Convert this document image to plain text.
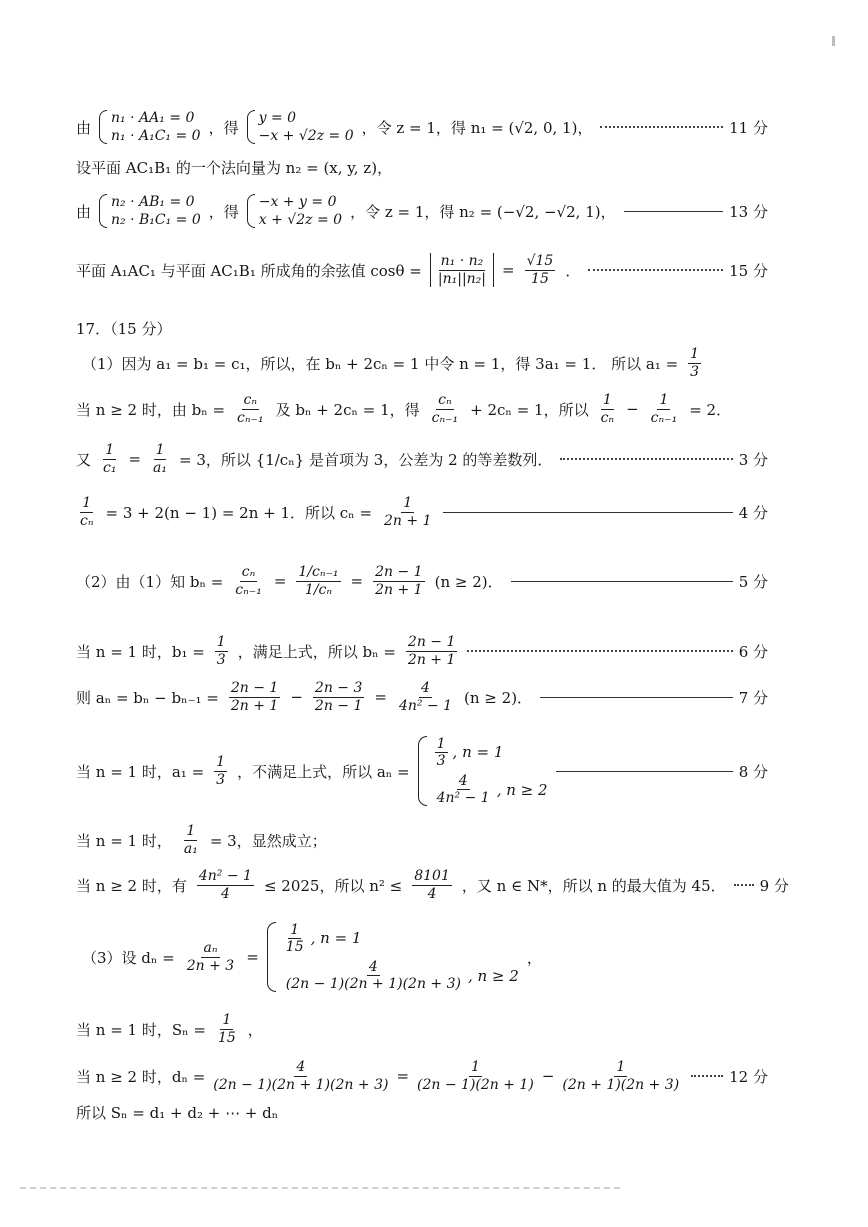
由
n₁ · AA₁ = 0
n₁ · A₁C₁ = 0 ，得
y = 0
−x + √2z = 0 ，令 z = 1，得 n₁ = (√2, 0, 1)，	11 分
设平面 AC₁B₁ 的一个法向量为 n₂ = (x, y, z)，
由
n₂ · AB₁ = 0
n₂ · B₁C₁ = 0 ，得
−x + y = 0
x + √2z = 0 ，令 z = 1，得 n₂ = (−√2, −√2, 1)，	13 分
平面 A₁AC₁ 与平面 AC₁B₁ 所成角的余弦值 $\cos\theta = \frac{\text{n₁ · n₂}}{\text{|n₁||n₂|}} = \frac{√15}{15}$ ．	15 分
17．（15 分）
（1）因为 a₁ = b₁ = c₁，所以，在 bₙ + 2cₙ = 1 中令 n = 1，得 3a₁ = 1． 所以 $a_1 = \frac{1}{3}$
当 n ≥ 2 时，由 $b_n = \frac{\text{cₙ}}{\text{cₙ₋₁}}$ 及 bₙ + 2cₙ = 1，得 $\frac{\text{cₙ}}{\text{cₙ₋₁}} + 2c_n = 1$，所以 $\frac{1}{\text{cₙ}} - \frac{1}{\text{cₙ₋₁}} = 2$．
又 $\frac{1}{\text{c₁}} = \frac{1}{\text{a₁}} = 3$，所以 {1/cₙ} 是首项为 3，公差为 2 的等差数列．	3 分
$\frac{1}{\text{cₙ}} = 3 + 2(n - 1) = 2n + 1$．所以 $c_n = \frac{1}{2n + 1}$	4 分
（2）由（1）知 $b_n = \frac{\text{cₙ}}{\text{cₙ₋₁}} = \frac{\text{1/cₙ₋₁}}{\text{1/cₙ}} = \frac{2n - 1}{2n + 1} (n \ge 2)$．	5 分
当 n = 1 时，$b_1 = \frac{1}{3}$ ，满足上式，所以 $b_n = \frac{2n - 1}{2n + 1}$	6 分
则 $a_n = b_n - b_{n-1} = \frac{2n - 1}{2n + 1} - \frac{2n - 3}{2n - 1} = \frac{4}{\text{4n² − 1}} (n \ge 2)$．	7 分
当 n = 1 时，$a_1 = \frac{1}{3}$ ，不满足上式，所以 aₙ =
$\frac{1}{3}$ , n = 1
$\frac{4}{\text{4n² − 1}}$ , n ≥ 2
8 分
当 n = 1 时， $\frac{1}{\text{a₁}} = 3$，显然成立；
当 n ≥ 2 时，有 $\frac{\text{4n² − 1}}{4} \le 2025$，所以 $n^2 \le \frac{8101}{4}$ ，又 n ∈ N*，所以 n 的最大值为 45． 9 分
（3）设 $d_n = \frac{\text{aₙ}}{2n + 3}$ =
$\frac{1}{15}$ , n = 1
$\frac{4}{(2n - 1)(2n + 1)(2n + 3)}$ , n ≥ 2
，
当 n = 1 时，$S_n = \frac{1}{15}$ ，
当 n ≥ 2 时，$d_n = \frac{4}{(2n - 1)(2n + 1)(2n + 3)} = \frac{1}{(2n - 1)(2n + 1)} - \frac{1}{(2n + 1)(2n + 3)}$	12 分
所以 Sₙ = d₁ + d₂ + ⋯ + dₙ
